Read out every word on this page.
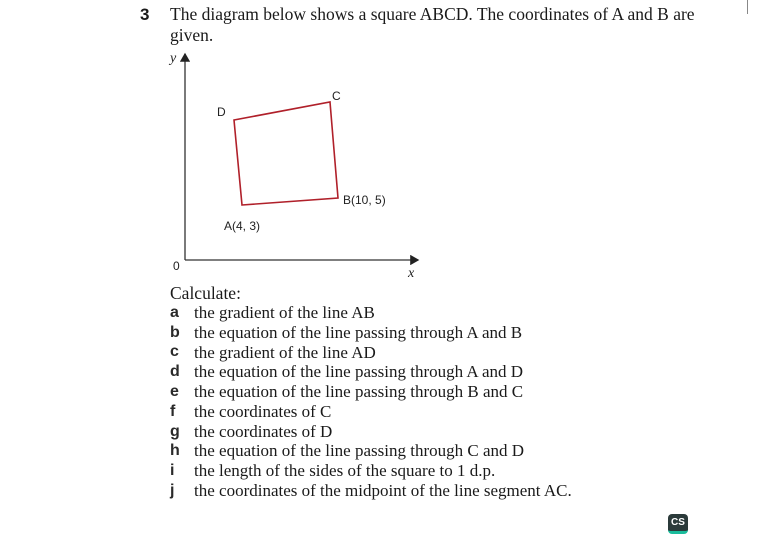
3 The diagram below shows a square ABCD. The coordinates of A and B are given.
y
x
0
A(4, 3)
B(10, 5)
C
D
Calculate:
a the gradient of the line AB
b the equation of the line passing through A and B
c the gradient of the line AD
d the equation of the line passing through A and D
e the equation of the line passing through B and C
f	the coordinates of C
g the coordinates of D
h the equation of the line passing through C and D
i	the length of the sides of the square to 1 d.p.
j	the coordinates of the midpoint of the line segment AC.
CS
